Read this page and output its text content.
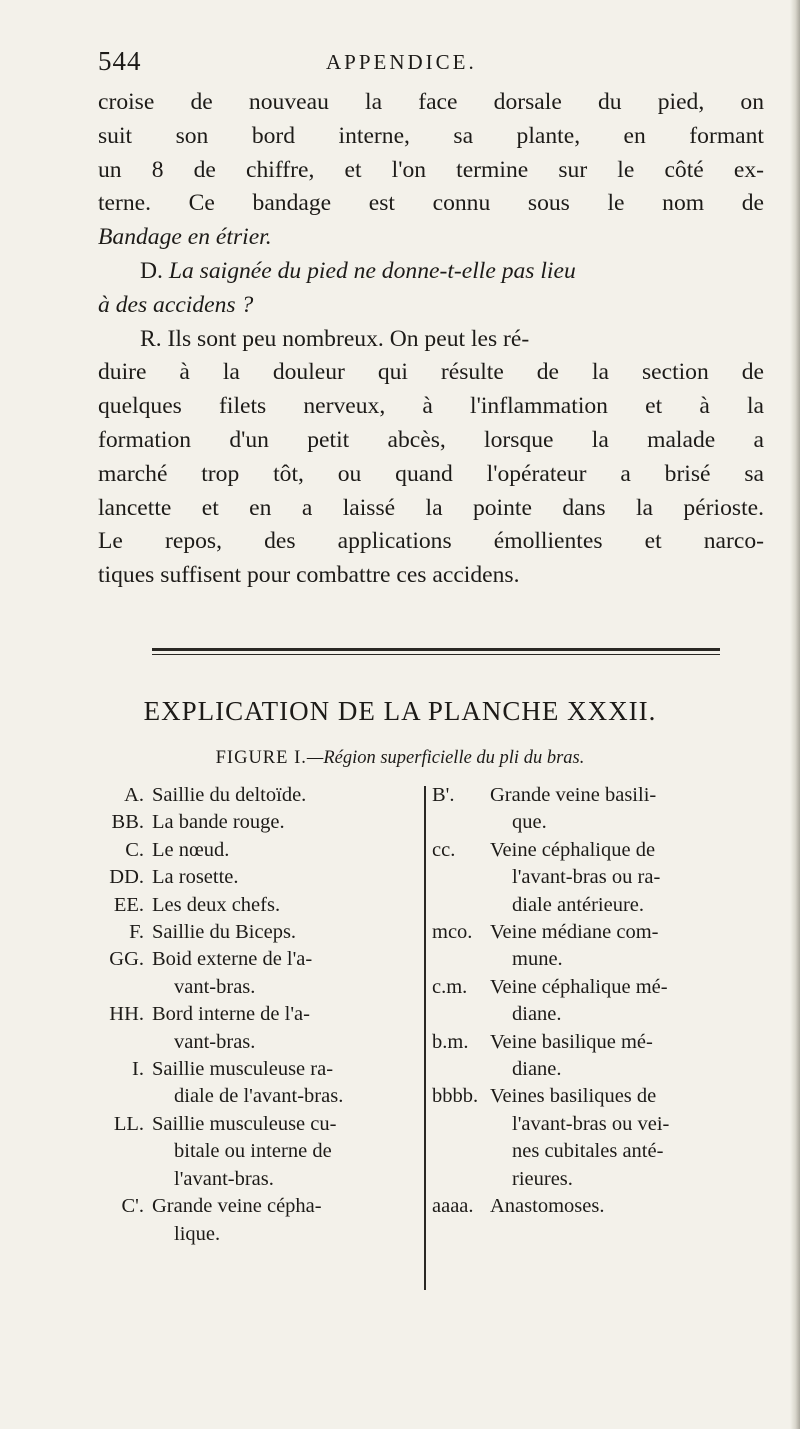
544	APPENDICE.
croise de nouveau la face dorsale du pied, on
suit son bord interne, sa plante, en formant
un 8 de chiffre, et l'on termine sur le côté ex-
terne. Ce bandage est connu sous le nom de
Bandage en étrier.
D. La saignée du pied ne donne-t-elle pas lieu
à des accidens ?
R. Ils sont peu nombreux. On peut les ré-
duire à la douleur qui résulte de la section de
quelques filets nerveux, à l'inflammation et à la
formation d'un petit abcès, lorsque la malade a
marché trop tôt, ou quand l'opérateur a brisé sa
lancette et en a laissé la pointe dans la périoste.
Le repos, des applications émollientes et narco-
tiques suffisent pour combattre ces accidens.
EXPLICATION DE LA PLANCHE XXXII.
FIGURE I.—Région superficielle du pli du bras.
A. Saillie du deltoïde.
BB. La bande rouge.
C. Le nœud.
DD. La rosette.
EE. Les deux chefs.
F. Saillie du Biceps.
GG. Boid externe de l'a-
vant-bras.
HH. Bord interne de l'a-
vant-bras.
I. Saillie musculeuse ra-
diale de l'avant-bras.
LL. Saillie musculeuse cu-
bitale ou interne de
l'avant-bras.
C'. Grande veine cépha-
lique.
B'.	Grande veine basili-
que.
cc.	Veine céphalique de
l'avant-bras ou ra-
diale antérieure.
mco. Veine médiane com-
mune.
c.m.	Veine céphalique mé-
diane.
b.m.	Veine basilique mé-
diane.
bbbb. Veines basiliques de
l'avant-bras ou vei-
nes cubitales anté-
rieures.
aaaa. Anastomoses.
